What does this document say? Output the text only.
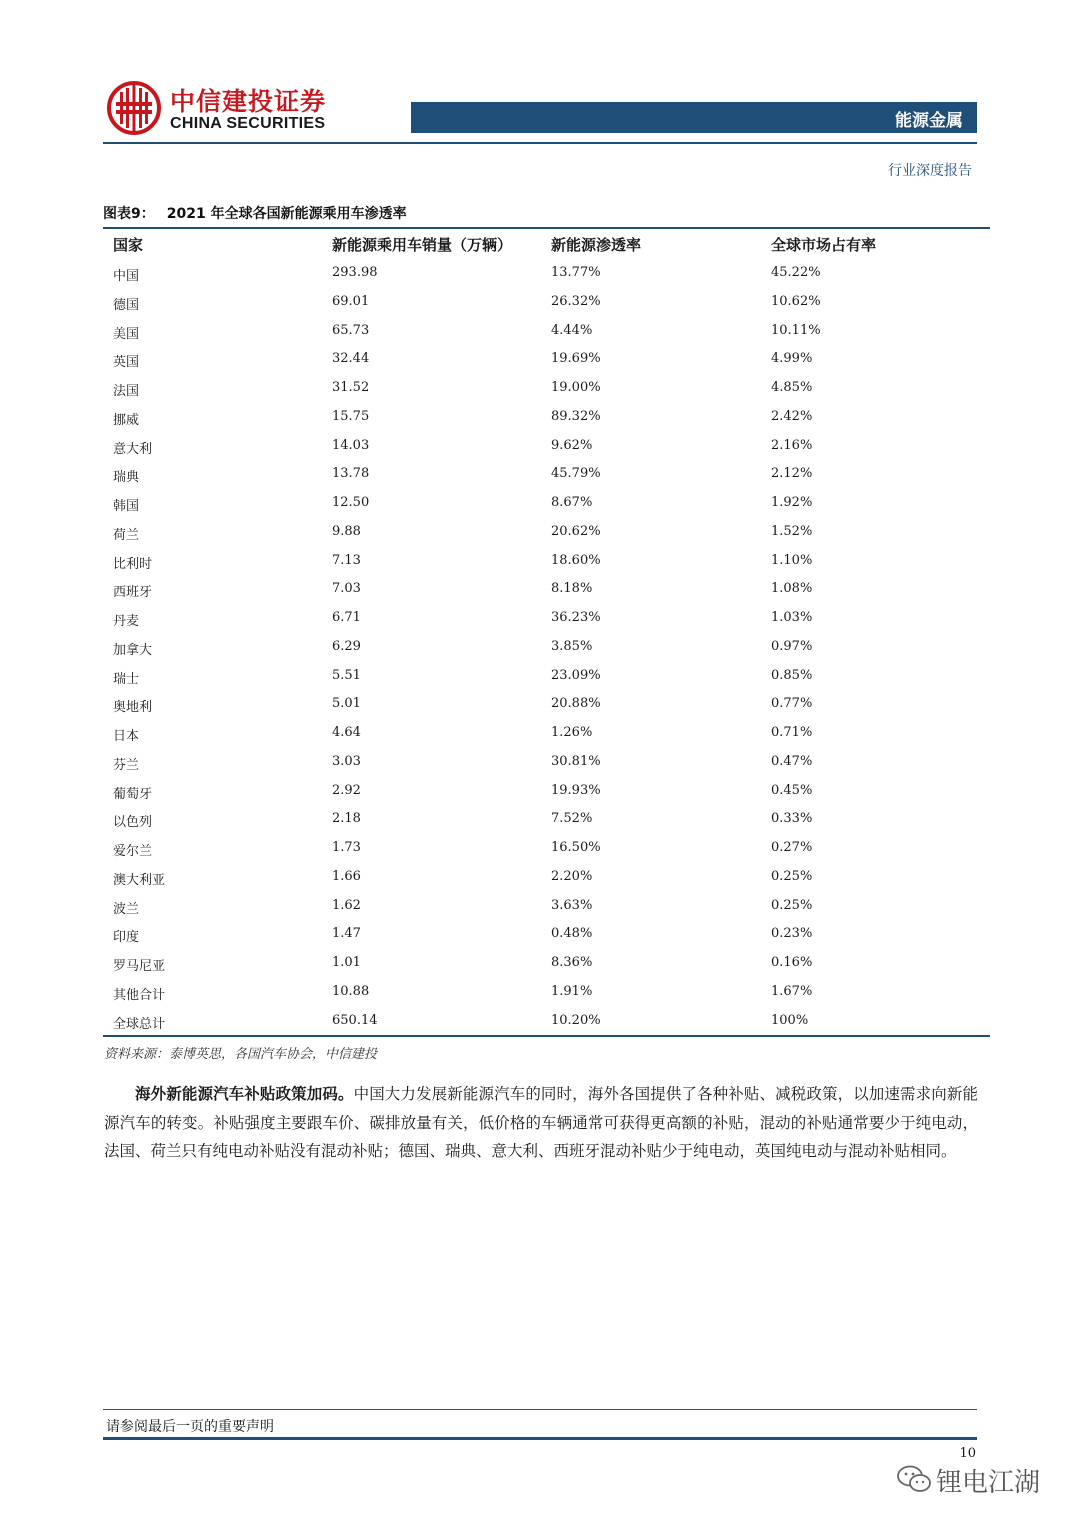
中信建投证券
CHINA SECURITIES	能源金属
行业深度报告
图表9： 2021 年全球各国新能源乘用车渗透率
国家	新能源乘用车销量（万辆）	新能源渗透率	全球市场占有率
中国	293.98	13.77%	45.22%
德国	69.01	26.32%	10.62%
美国	65.73	4.44%	10.11%
英国	32.44	19.69%	4.99%
法国	31.52	19.00%	4.85%
挪威	15.75	89.32%	2.42%
意大利	14.03	9.62%	2.16%
瑞典	13.78	45.79%	2.12%
韩国	12.50	8.67%	1.92%
荷兰	9.88	20.62%	1.52%
比利时	7.13	18.60%	1.10%
西班牙	7.03	8.18%	1.08%
丹麦	6.71	36.23%	1.03%
加拿大	6.29	3.85%	0.97%
瑞士	5.51	23.09%	0.85%
奥地利	5.01	20.88%	0.77%
日本	4.64	1.26%	0.71%
芬兰	3.03	30.81%	0.47%
葡萄牙	2.92	19.93%	0.45%
以色列	2.18	7.52%	0.33%
爱尔兰	1.73	16.50%	0.27%
澳大利亚	1.66	2.20%	0.25%
波兰	1.62	3.63%	0.25%
印度	1.47	0.48%	0.23%
罗马尼亚	1.01	8.36%	0.16%
其他合计	10.88	1.91%	1.67%
全球总计	650.14	10.20%	100%
资料来源：泰博英思，各国汽车协会，中信建投
海外新能源汽车补贴政策加码。中国大力发展新能源汽车的同时，海外各国提供了各种补贴、减税政策，以加速需求向新能源汽车的转变。补贴强度主要跟车价、碳排放量有关，低价格的车辆通常可获得更高额的补贴，混动的补贴通常要少于纯电动，法国、荷兰只有纯电动补贴没有混动补贴；德国、瑞典、意大利、西班牙混动补贴少于纯电动，英国纯电动与混动补贴相同。
请参阅最后一页的重要声明
10
锂电江湖
